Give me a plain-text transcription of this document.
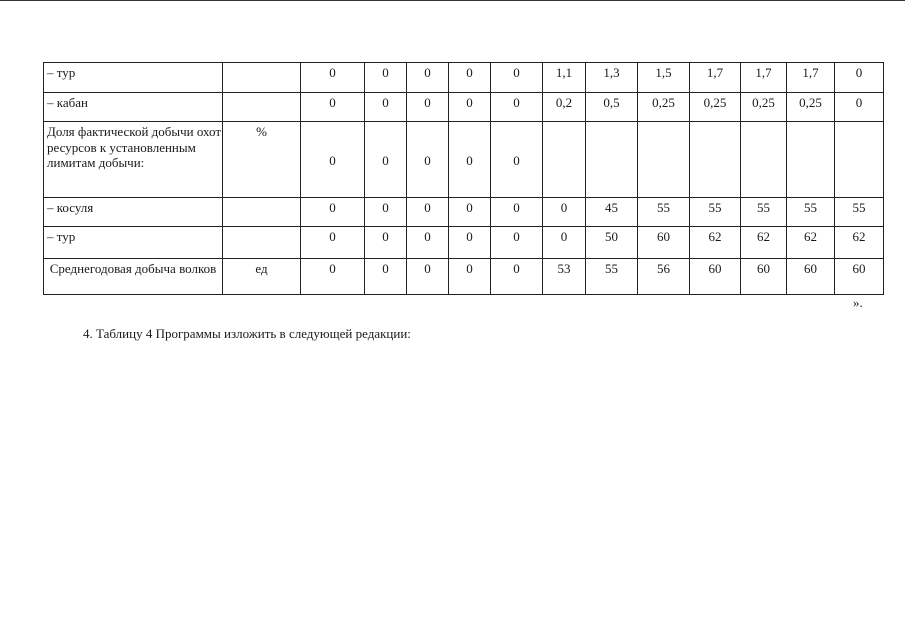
– тур		0	0	0	0	0	1,1	1,3	1,5	1,7	1,7	1,7	0
– кабан		0	0	0	0	0	0,2	0,5	0,25	0,25	0,25	0,25	0
Доля фактической добычи охот ресурсов к установленным лимитам добычи:	%	0	0	0	0	0							
– косуля		0	0	0	0	0	0	45	55	55	55	55	55
– тур		0	0	0	0	0	0	50	60	62	62	62	62
Среднегодовая добыча волков	ед	0	0	0	0	0	53	55	56	60	60	60	60
».
4. Таблицу 4 Программы изложить в следующей редакции:
